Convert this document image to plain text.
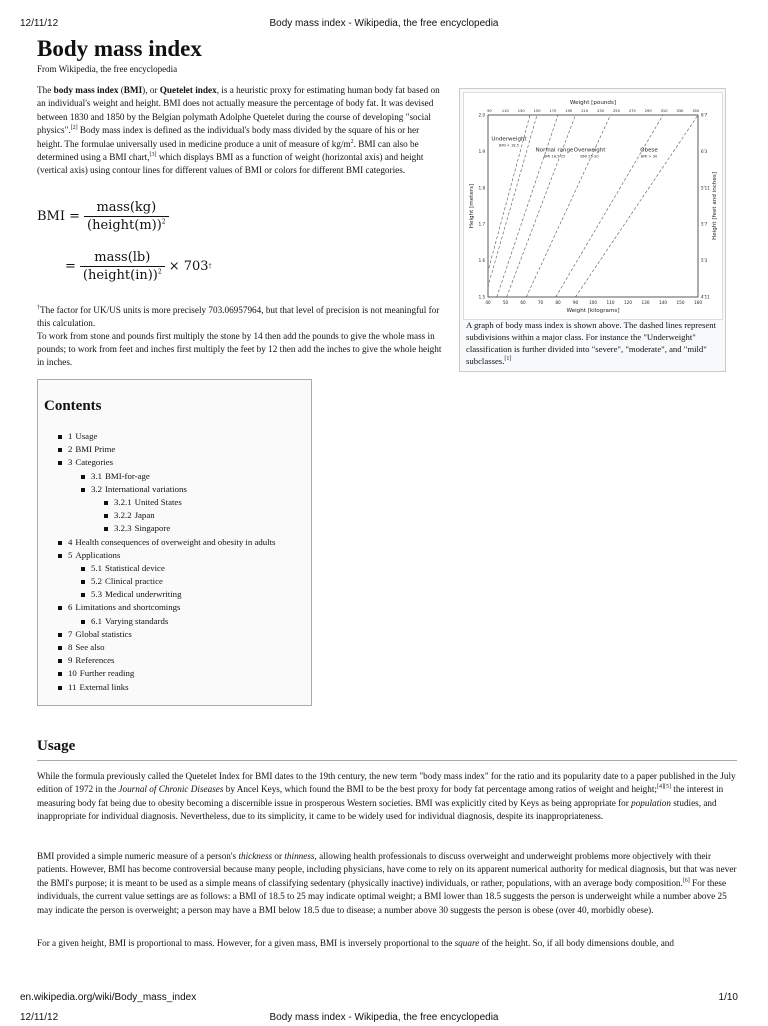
12/11/12	Body mass index - Wikipedia, the free encyclopedia
Body mass index
From Wikipedia, the free encyclopedia
The body mass index (BMI), or Quetelet index, is a heuristic proxy for estimating human body fat based on an individual's weight and height. BMI does not actually measure the percentage of body fat. It was devised between 1830 and 1850 by the Belgian polymath Adolphe Quetelet during the course of developing "social physics".[2] Body mass index is defined as the individual's body mass divided by the square of his or her height. The formulae universally used in medicine produce a unit of measure of $kg/m^2$. BMI can also be determined using a BMI chart,[3] which displays BMI as a function of weight (horizontal axis) and height (vertical axis) using contour lines for different values of BMI or colors for different BMI categories.
BMI = $\frac{\text{mass(kg)}}{(height(m))^2}$
= $\frac{\text{mass(lb)}}{(height(in))^2} \times 703$ †
†The factor for UK/US units is more precisely 703.06957964, but that level of precision is not meaningful for this calculation.
To work from stone and pounds first multiply the stone by 14 then add the pounds to give the whole mass in pounds; to work from feet and inches first multiply the feet by 12 then add the inches to give the whole height in inches.
Underweight
BMI < 18.5
Normal range
BMI 18.5-25
Overweight
BMI 25-30
Obese
BMI > 30
40	50	60	70	80	90	100 110 120 130 140 150 160
90	110	130	150	170	190	210	230	250	270	290	310	330	350
1.5
1.6
1.7
1.8
1.9
2.0
4'11
5'3
5'7
5'11
6'3
6'7
Weight [pounds]
Weight [kilograms]
Height [meters]	Height [feet and inches]
A graph of body mass index is shown above. The dashed lines represent subdivisions within a major class. For instance the "Underweight" classification is further divided into "severe", "moderate", and "mild" subclasses.[1]
Contents
1 Usage
2 BMI Prime
3 Categories
3.1 BMI-for-age
3.2 International variations
3.2.1 United States
3.2.2 Japan
3.2.3 Singapore
4 Health consequences of overweight and obesity in adults
5 Applications
5.1 Statistical device
5.2 Clinical practice
5.3 Medical underwriting
6 Limitations and shortcomings
6.1 Varying standards
7 Global statistics
8 See also
9 References
10 Further reading
11 External links
Usage
While the formula previously called the Quetelet Index for BMI dates to the 19th century, the new term "body mass index" for the ratio and its popularity date to a paper published in the July edition of 1972 in the Journal of Chronic Diseases by Ancel Keys, which found the BMI to be the best proxy for body fat percentage among ratios of weight and height;[4][5] the interest in measuring body fat being due to obesity becoming a discernible issue in prosperous Western societies. BMI was explicitly cited by Keys as being appropriate for population studies, and inappropriate for individual diagnosis. Nevertheless, due to its simplicity, it came to be widely used for individual diagnosis, despite its inappropriateness.
BMI provided a simple numeric measure of a person's thickness or thinness, allowing health professionals to discuss overweight and underweight problems more objectively with their patients. However, BMI has become controversial because many people, including physicians, have come to rely on its apparent numerical authority for medical diagnosis, but that was never the BMI's purpose; it is meant to be used as a simple means of classifying sedentary (physically inactive) individuals, or rather, populations, with an average body composition.[6] For these individuals, the current value settings are as follows: a BMI of 18.5 to 25 may indicate optimal weight; a BMI lower than 18.5 suggests the person is underweight while a number above 25 may indicate the person is overweight; a person may have a BMI below 18.5 due to disease; a number above 30 suggests the person is obese (over 40, morbidly obese).
For a given height, BMI is proportional to mass. However, for a given mass, BMI is inversely proportional to the square of the height. So, if all body dimensions double, and
en.wikipedia.org/wiki/Body_mass_index	1/10
12/11/12	Body mass index - Wikipedia, the free encyclopedia
